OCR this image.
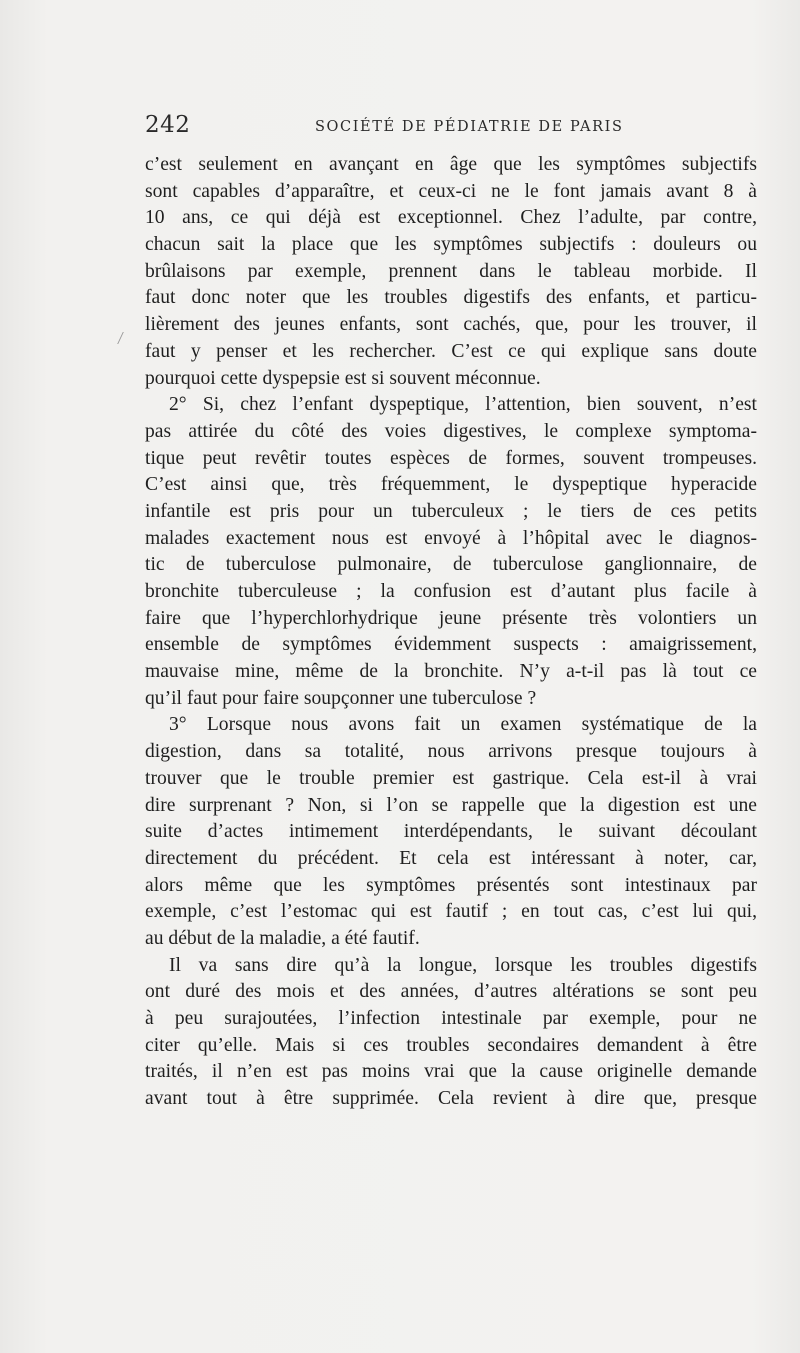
242	SOCIÉTÉ DE PÉDIATRIE DE PARIS
c’est seulement en avançant en âge que les symptômes subjectifs
sont capables d’apparaître, et ceux-ci ne le font jamais avant 8 à
10 ans, ce qui déjà est exceptionnel. Chez l’adulte, par contre,
chacun sait la place que les symptômes subjectifs : douleurs ou
brûlaisons par exemple, prennent dans le tableau morbide. Il
faut donc noter que les troubles digestifs des enfants, et particu-
lièrement des jeunes enfants, sont cachés, que, pour les trouver, il
faut y penser et les rechercher. C’est ce qui explique sans doute
pourquoi cette dyspepsie est si souvent méconnue.
2° Si, chez l’enfant dyspeptique, l’attention, bien souvent, n’est
pas attirée du côté des voies digestives, le complexe symptoma-
tique peut revêtir toutes espèces de formes, souvent trompeuses.
C’est ainsi que, très fréquemment, le dyspeptique hyperacide
infantile est pris pour un tuberculeux ; le tiers de ces petits
malades exactement nous est envoyé à l’hôpital avec le diagnos-
tic de tuberculose pulmonaire, de tuberculose ganglionnaire, de
bronchite tuberculeuse ; la confusion est d’autant plus facile à
faire que l’hyperchlorhydrique jeune présente très volontiers un
ensemble de symptômes évidemment suspects : amaigrissement,
mauvaise mine, même de la bronchite. N’y a-t-il pas là tout ce
qu’il faut pour faire soupçonner une tuberculose ?
3° Lorsque nous avons fait un examen systématique de la
digestion, dans sa totalité, nous arrivons presque toujours à
trouver que le trouble premier est gastrique. Cela est-il à vrai
dire surprenant ? Non, si l’on se rappelle que la digestion est une
suite d’actes intimement interdépendants, le suivant découlant
directement du précédent. Et cela est intéressant à noter, car,
alors même que les symptômes présentés sont intestinaux par
exemple, c’est l’estomac qui est fautif ; en tout cas, c’est lui qui,
au début de la maladie, a été fautif.
Il va sans dire qu’à la longue, lorsque les troubles digestifs
ont duré des mois et des années, d’autres altérations se sont peu
à peu surajoutées, l’infection intestinale par exemple, pour ne
citer qu’elle. Mais si ces troubles secondaires demandent à être
traités, il n’en est pas moins vrai que la cause originelle demande
avant tout à être supprimée. Cela revient à dire que, presque
